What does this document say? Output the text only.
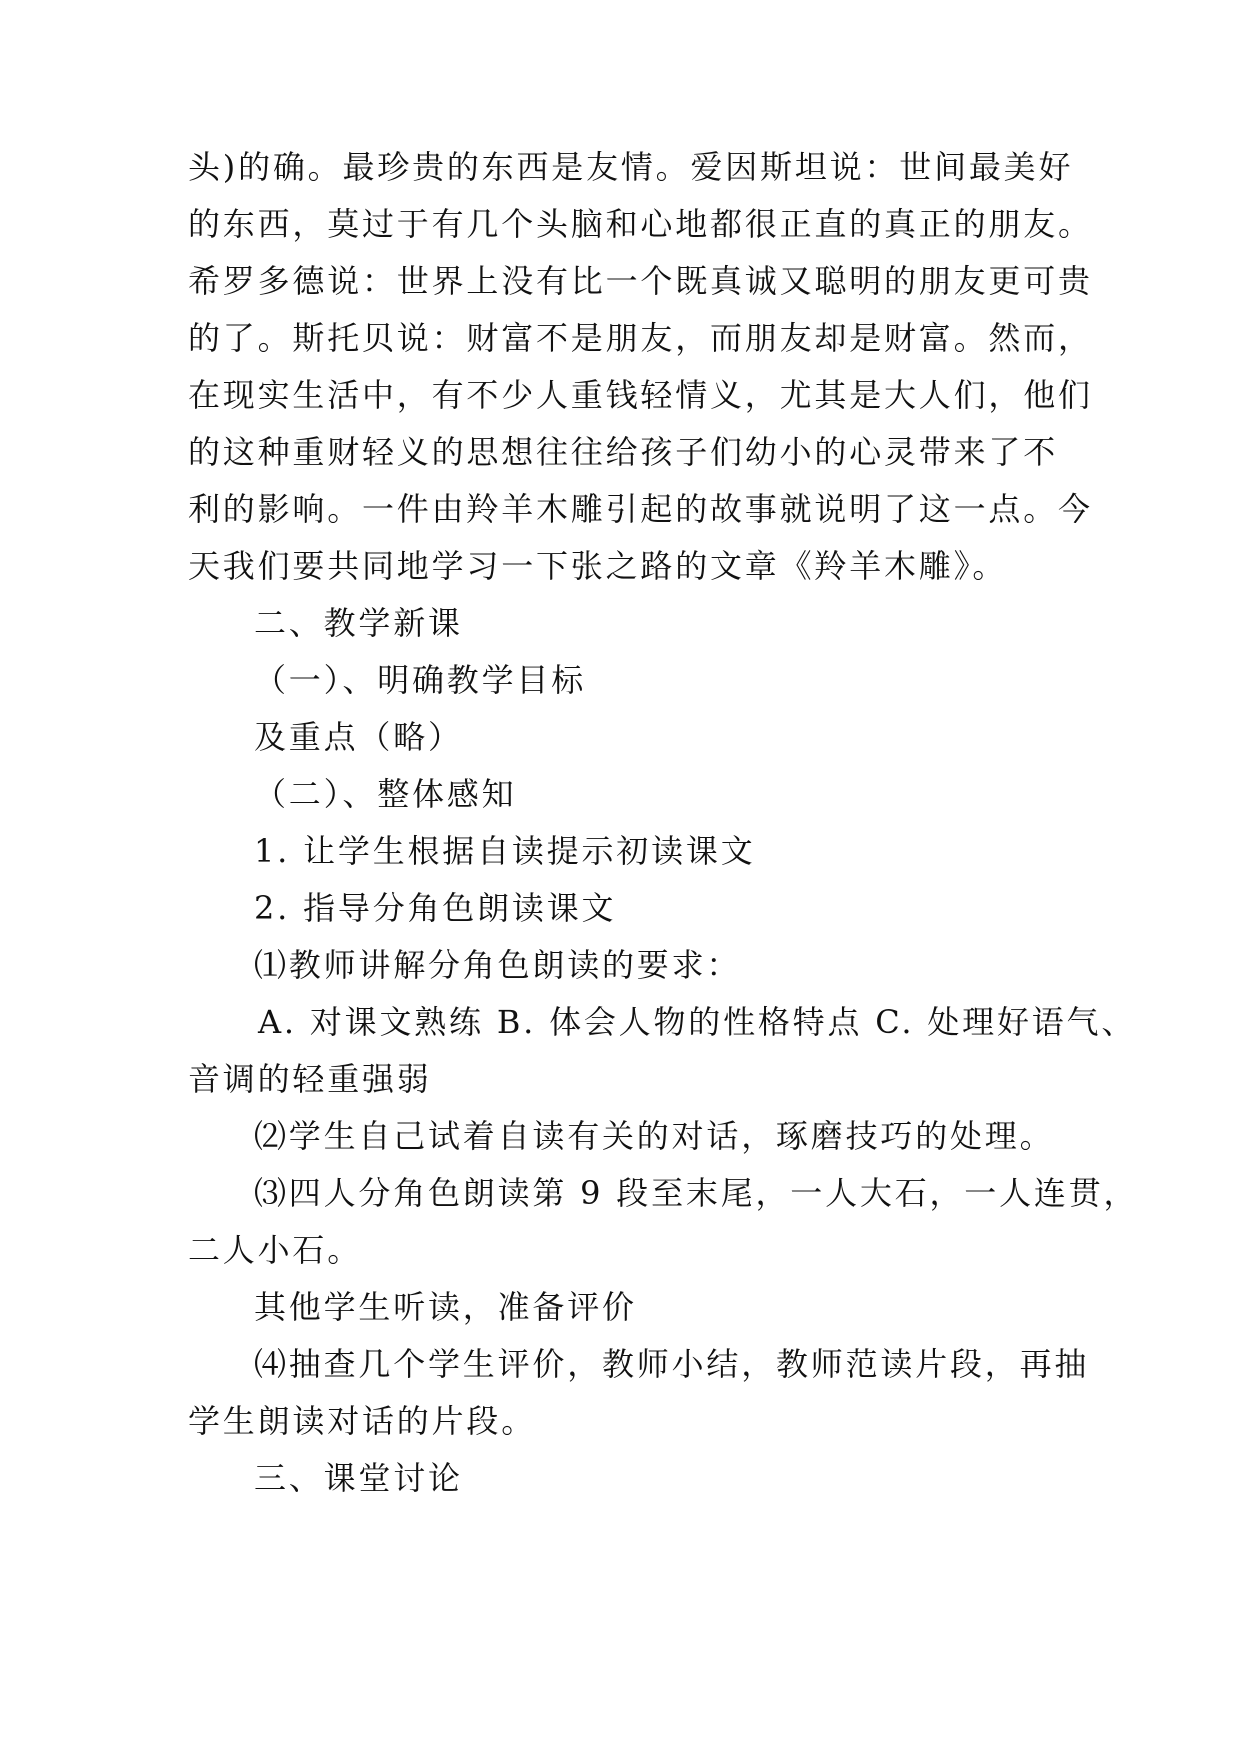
头)的确。最珍贵的东西是友情。爱因斯坦说：世间最美好
的东西，莫过于有几个头脑和心地都很正直的真正的朋友。
希罗多德说：世界上没有比一个既真诚又聪明的朋友更可贵
的了。斯托贝说：财富不是朋友，而朋友却是财富。然而，
在现实生活中，有不少人重钱轻情义，尤其是大人们，他们
的这种重财轻义的思想往往给孩子们幼小的心灵带来了不
利的影响。一件由羚羊木雕引起的故事就说明了这一点。今
天我们要共同地学习一下张之路的文章《羚羊木雕》。
二、教学新课
（一）、明确教学目标
及重点（略）
（二）、整体感知
1. 让学生根据自读提示初读课文
2. 指导分角色朗读课文
⑴教师讲解分角色朗读的要求：
A. 对课文熟练 B. 体会人物的性格特点 C. 处理好语气、
音调的轻重强弱
⑵学生自己试着自读有关的对话，琢磨技巧的处理。
⑶四人分角色朗读第 9 段至末尾，一人大石，一人连贯，
二人小石。
其他学生听读，准备评价
⑷抽查几个学生评价，教师小结，教师范读片段，再抽
学生朗读对话的片段。
三、课堂讨论
